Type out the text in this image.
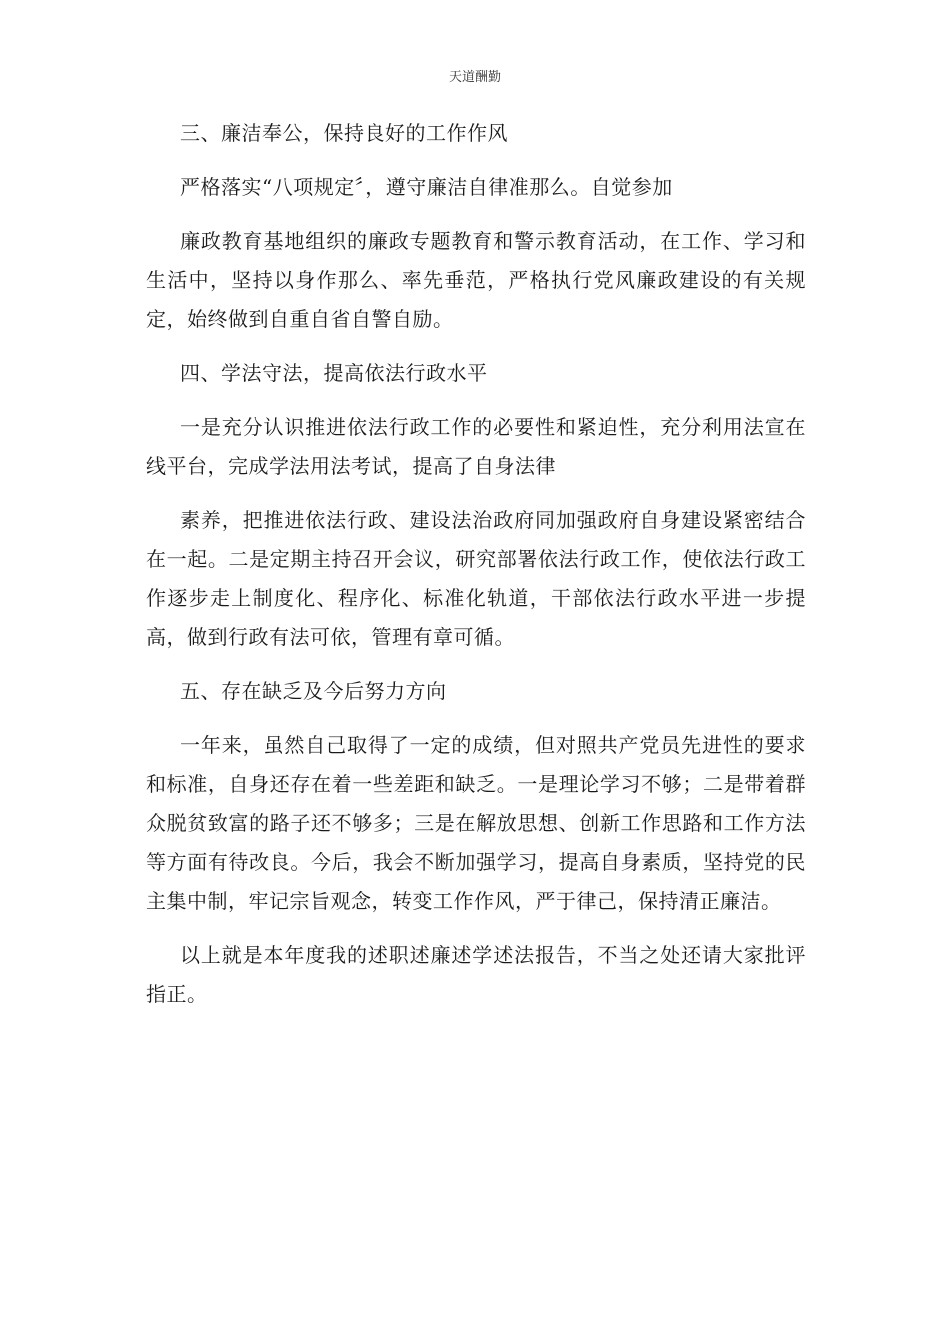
天道酬勤

三、廉洁奉公，保持良好的工作作风

严格落实“八项规定〞，遵守廉洁自律准那么。自觉参加

廉政教育基地组织的廉政专题教育和警示教育活动，在工作、学习和生活中，坚持以身作那么、率先垂范，严格执行党风廉政建设的有关规定，始终做到自重自省自警自励。

四、学法守法，提高依法行政水平

一是充分认识推进依法行政工作的必要性和紧迫性，充分利用法宣在线平台，完成学法用法考试，提高了自身法律

素养，把推进依法行政、建设法治政府同加强政府自身建设紧密结合在一起。二是定期主持召开会议，研究部署依法行政工作，使依法行政工作逐步走上制度化、程序化、标准化轨道，干部依法行政水平进一步提高，做到行政有法可依，管理有章可循。

五、存在缺乏及今后努力方向

一年来，虽然自己取得了一定的成绩，但对照共产党员先进性的要求和标准，自身还存在着一些差距和缺乏。一是理论学习不够；二是带着群众脱贫致富的路子还不够多；三是在解放思想、创新工作思路和工作方法等方面有待改良。今后，我会不断加强学习，提高自身素质，坚持党的民主集中制，牢记宗旨观念，转变工作作风，严于律己，保持清正廉洁。

以上就是本年度我的述职述廉述学述法报告，不当之处还请大家批评指正。
